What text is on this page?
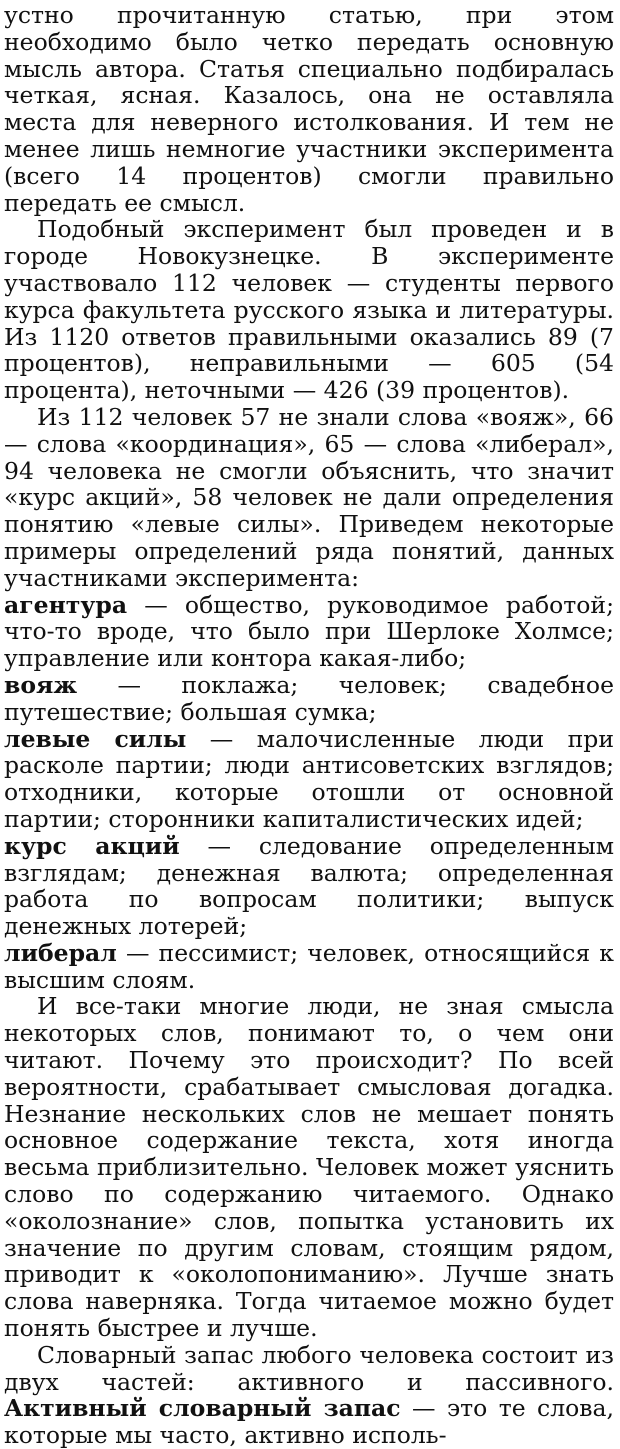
устно прочитанную статью, при этом необходимо было четко передать основную мысль автора. Статья специально подбиралась четкая, ясная. Казалось, она не оставляла места для неверного истолкования. И тем не менее лишь немногие участники эксперимента (всего 14 процентов) смогли правильно передать ее смысл.

Подобный эксперимент был проведен и в городе Новокузнецке. В эксперименте участвовало 112 человек — студенты первого курса факультета русского языка и литературы. Из 1120 ответов правильными оказались 89 (7 процентов), неправильными — 605 (54 процента), неточными — 426 (39 процентов).

Из 112 человек 57 не знали слова «вояж», 66 — слова «координация», 65 — слова «либерал», 94 человека не смогли объяснить, что значит «курс акций», 58 человек не дали определения понятию «левые силы». Приведем некоторые примеры определений ряда понятий, данных участниками эксперимента:

агентура — общество, руководимое работой; что-то вроде, что было при Шерлоке Холмсе; управление или контора какая-либо;

вояж — поклажа; человек; свадебное путешествие; большая сумка;

левые силы — малочисленные люди при расколе партии; люди антисоветских взглядов; отходники, которые отошли от основной партии; сторонники капиталистических идей;

курс акций — следование определенным взглядам; денежная валюта; определенная работа по вопросам политики; выпуск денежных лотерей;

либерал — пессимист; человек, относящийся к высшим слоям.

И все-таки многие люди, не зная смысла некоторых слов, понимают то, о чем они читают. Почему это происходит? По всей вероятности, срабатывает смысловая догадка. Незнание нескольких слов не мешает понять основное содержание текста, хотя иногда весьма приблизительно. Человек может уяснить слово по содержанию читаемого. Однако «околознание» слов, попытка установить их значение по другим словам, стоящим рядом, приводит к «околопониманию». Лучше знать слова наверняка. Тогда читаемое можно будет понять быстрее и лучше.

Словарный запас любого человека состоит из двух частей: активного и пассивного. Активный словарный запас — это те слова, которые мы часто, активно исполь-
